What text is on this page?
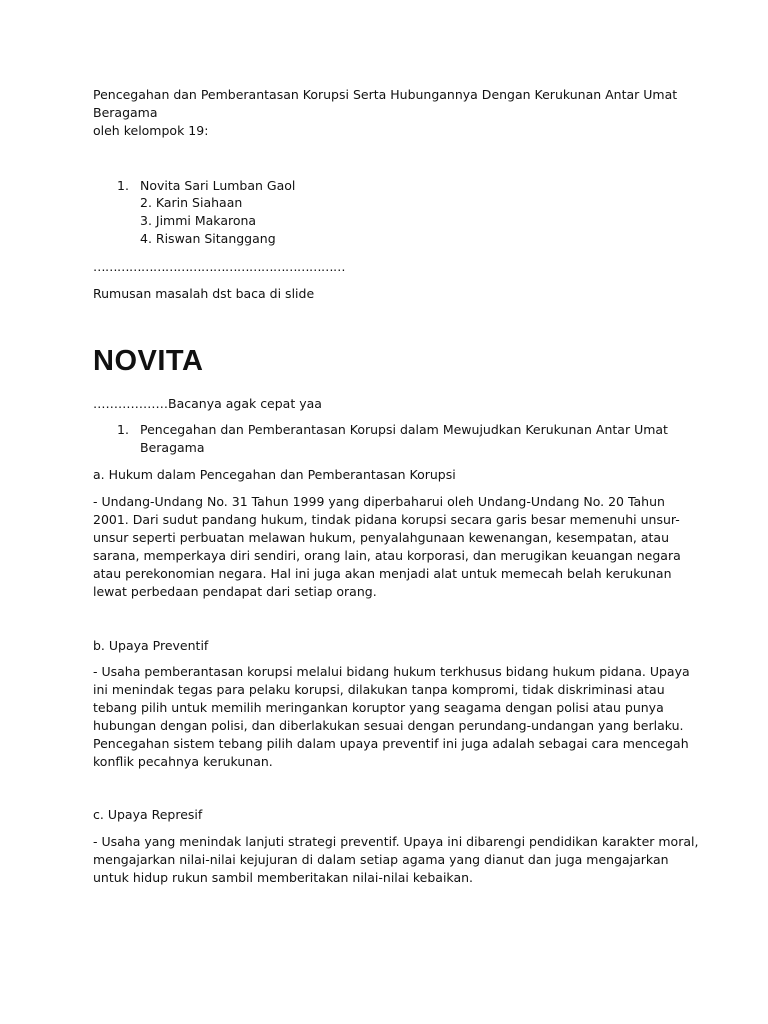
Pencegahan dan Pemberantasan Korupsi Serta Hubungannya Dengan Kerukunan Antar Umat
Beragama
oleh kelompok 19:
1. Novita Sari Lumban Gaol
2. Karin Siahaan
3. Jimmi Makarona
4. Riswan Sitanggang
………………………………………………………
Rumusan masalah dst baca di slide
NOVITA
………………Bacanya agak cepat yaa
1. Pencegahan dan Pemberantasan Korupsi dalam Mewujudkan Kerukunan Antar Umat
Beragama
a. Hukum dalam Pencegahan dan Pemberantasan Korupsi
- Undang-Undang No. 31 Tahun 1999 yang diperbaharui oleh Undang-Undang No. 20 Tahun
2001. Dari sudut pandang hukum, tindak pidana korupsi secara garis besar memenuhi unsur-
unsur seperti perbuatan melawan hukum, penyalahgunaan kewenangan, kesempatan, atau
sarana, memperkaya diri sendiri, orang lain, atau korporasi, dan merugikan keuangan negara
atau perekonomian negara. Hal ini juga akan menjadi alat untuk memecah belah kerukunan
lewat perbedaan pendapat dari setiap orang.
b. Upaya Preventif
- Usaha pemberantasan korupsi melalui bidang hukum terkhusus bidang hukum pidana. Upaya
ini menindak tegas para pelaku korupsi, dilakukan tanpa kompromi, tidak diskriminasi atau
tebang pilih untuk memilih meringankan koruptor yang seagama dengan polisi atau punya
hubungan dengan polisi, dan diberlakukan sesuai dengan perundang-undangan yang berlaku.
Pencegahan sistem tebang pilih dalam upaya preventif ini juga adalah sebagai cara mencegah
konflik pecahnya kerukunan.
c. Upaya Represif
- Usaha yang menindak lanjuti strategi preventif. Upaya ini dibarengi pendidikan karakter moral,
mengajarkan nilai-nilai kejujuran di dalam setiap agama yang dianut dan juga mengajarkan
untuk hidup rukun sambil memberitakan nilai-nilai kebaikan.
